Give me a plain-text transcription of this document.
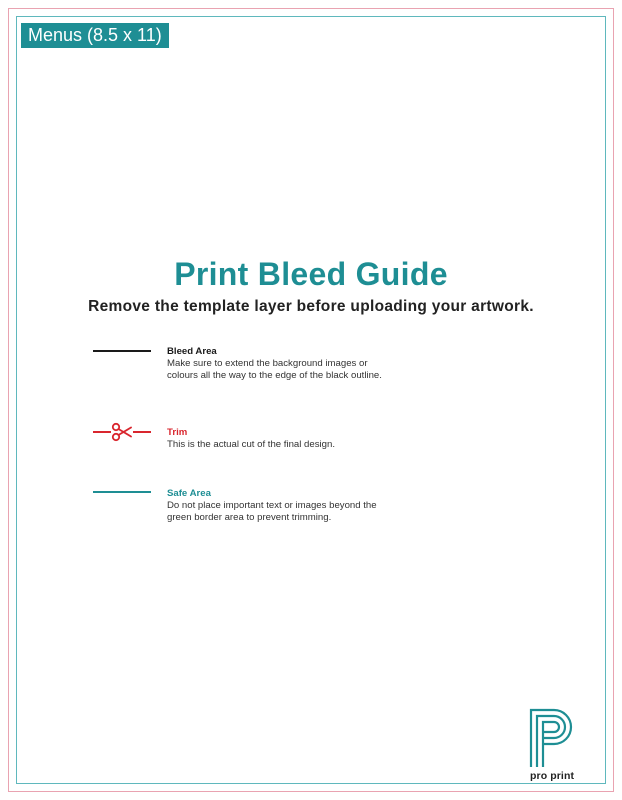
Menus (8.5 x 11)
Print Bleed Guide
Remove the template layer before uploading your artwork.
Bleed Area
Make sure to extend the background images or colours all the way to the edge of the black outline.
Trim
This is the actual cut of the final design.
Safe Area
Do not place important text or images beyond the green border area to prevent trimming.
pro print
